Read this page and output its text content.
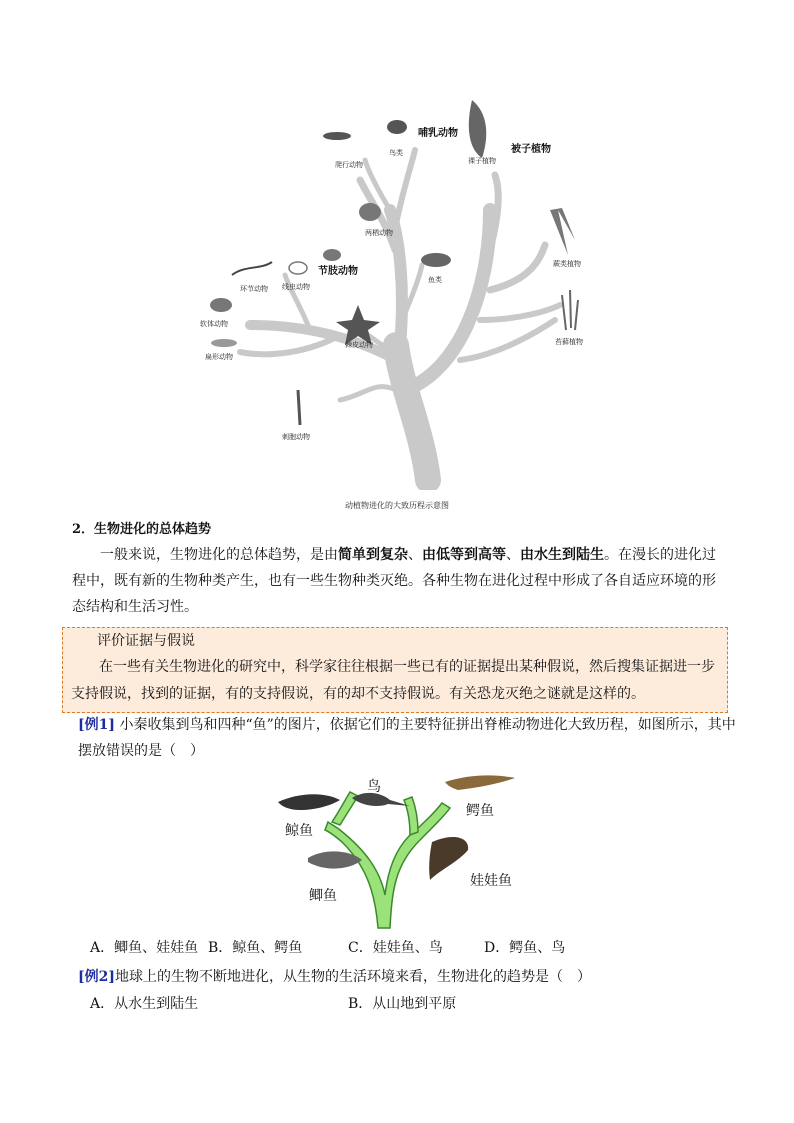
爬行动物
鸟类
哺乳动物
裸子植物
被子植物
两栖动物
节肢动物
环节动物 线虫动物
鱼类
蕨类植物
软体动物
扁形动物
棘皮动物	苔藓植物
刺胞动物
动植物进化的大致历程示意图
2．生物进化的总体趋势

一般来说，生物进化的总体趋势，是由简单到复杂、由低等到高等、由水生到陆生。在漫长的进化过程中，既有新的生物种类产生，也有一些生物种类灭绝。各种生物在进化过程中形成了各自适应环境的形态结构和生活习性。

评价证据与假说

在一些有关生物进化的研究中，科学家往往根据一些已有的证据提出某种假说，然后搜集证据进一步支持假说，找到的证据，有的支持假说，有的却不支持假说。有关恐龙灭绝之谜就是这样的。

[例1] 小秦收集到鸟和四种“鱼”的图片，依据它们的主要特征拼出脊椎动物进化大致历程，如图所示，其中摆放错误的是（　）
鸟
鲸鱼
鳄鱼
鲫鱼
娃娃鱼
A．鲫鱼、娃娃鱼 B．鲸鱼、鳄鱼	C．娃娃鱼、鸟	D．鳄鱼、鸟
[例2]地球上的生物不断地进化，从生物的生活环境来看，生物进化的趋势是（　）
A．从水生到陆生	B．从山地到平原
